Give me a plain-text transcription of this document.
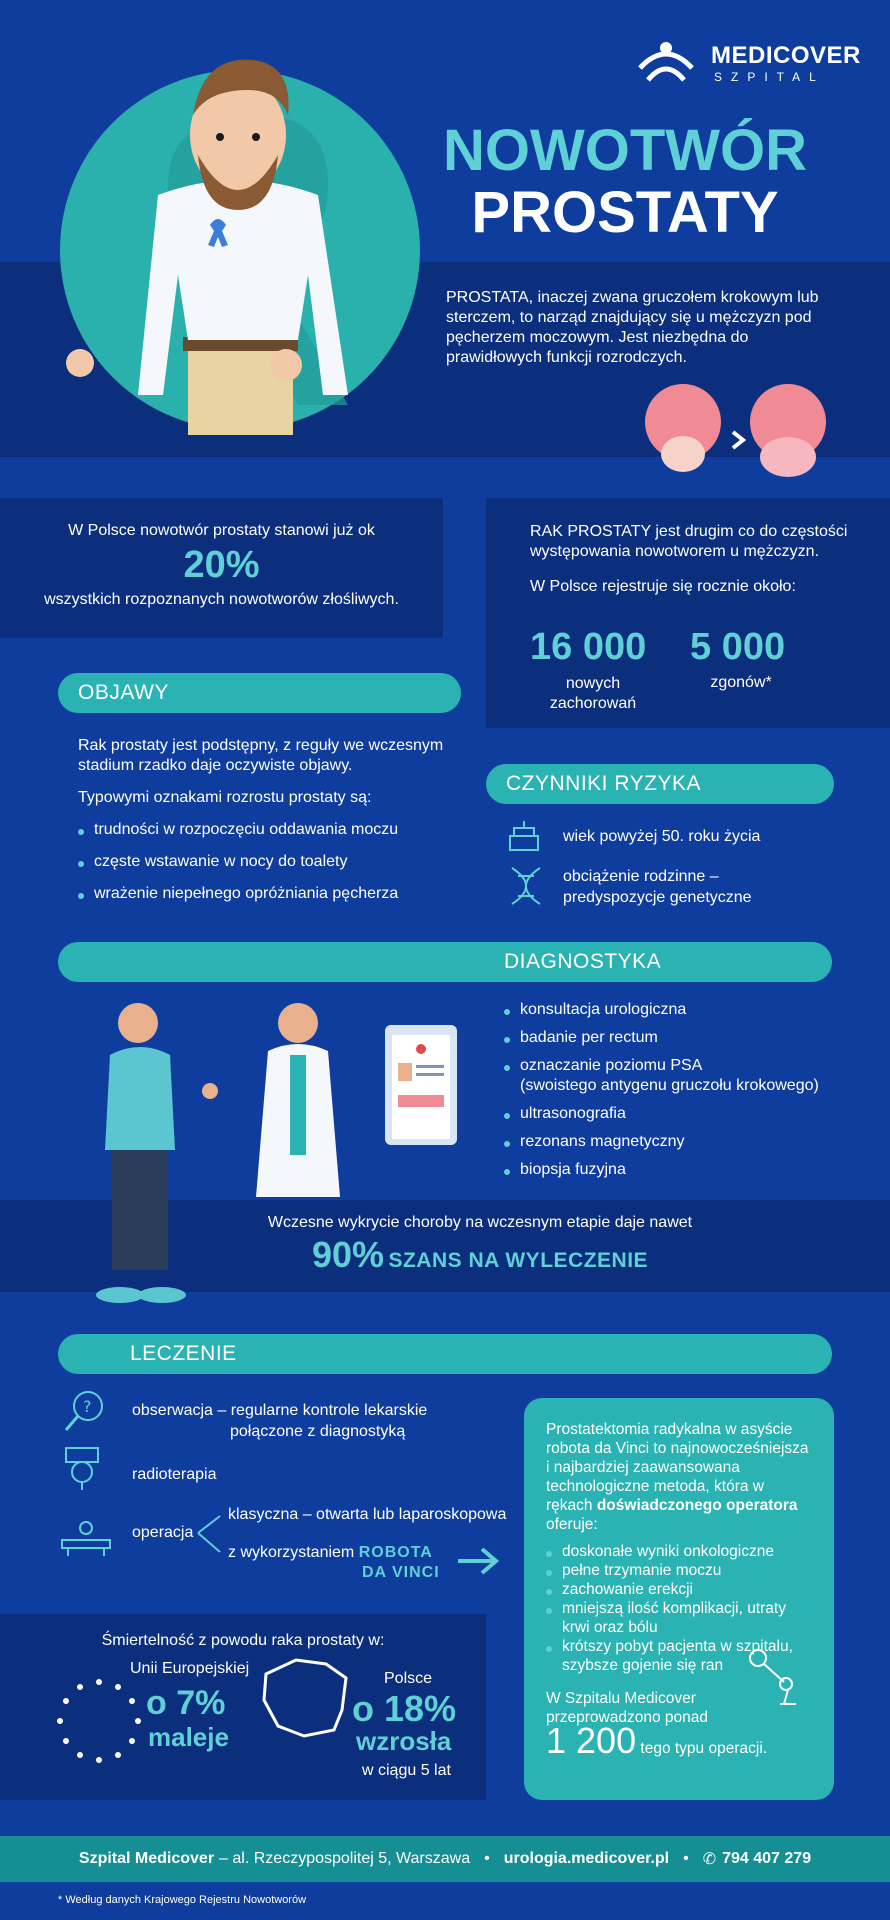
MEDICOVER
SZPITAL
NOWOTWÓR
PROSTATY
PROSTATA, inaczej zwana gruczołem krokowym lub sterczem, to narząd znajdujący się u mężczyzn pod pęcherzem moczowym. Jest niezbędna do prawidłowych funkcji rozrodczych.
W Polsce nowotwór prostaty stanowi już ok
20%
wszystkich rozpoznanych nowotworów złośliwych.
RAK PROSTATY jest drugim co do częstości występowania nowotworem u mężczyzn.
W Polsce rejestruje się rocznie około:
16 000
nowych zachorowań
5 000
zgonów*
OBJAWY
Rak prostaty jest podstępny, z reguły we wczesnym stadium rzadko daje oczywiste objawy.
Typowymi oznakami rozrostu prostaty są:
trudności w rozpoczęciu oddawania moczu
częste wstawanie w nocy do toalety
wrażenie niepełnego opróżniania pęcherza
CZYNNIKI RYZYKA
wiek powyżej 50. roku życia
obciążenie rodzinne – predyspozycje genetyczne
DIAGNOSTYKA
konsultacja urologiczna
badanie per rectum
oznaczanie poziomu PSA
(swoistego antygenu gruczołu krokowego)
ultrasonografia
rezonans magnetyczny
biopsja fuzyjna
Wczesne wykrycie choroby na wczesnym etapie daje nawet
90% SZANS NA WYLECZENIE
LECZENIE
?	obserwacja – regularne kontrole lekarskie
połączone z diagnostyką
radioterapia
operacja
klasyczna – otwarta lub laparoskopowa
z wykorzystaniem ROBOTA
DA VINCI
Śmiertelność z powodu raka prostaty w:
Unii Europejskiej
o 7%
maleje
Polsce
o 18%
wzrosła
w ciągu 5 lat
Prostatektomia radykalna w asyście robota da Vinci to najnowocześniejsza i najbardziej zaawansowana technologiczne metoda, która w rękach doświadczonego operatora oferuje:
doskonałe wyniki onkologiczne
pełne trzymanie moczu
zachowanie erekcji
mniejszą ilość komplikacji, utraty krwi oraz bólu
krótszy pobyt pacjenta w szpitalu, szybsze gojenie się ran
W Szpitalu Medicover przeprowadzono ponad
1 200 tego typu operacji.
Szpital Medicover – al. Rzeczypospolitej 5, Warszawa • urologia.medicover.pl • ✆ 794 407 279
* Według danych Krajowego Rejestru Nowotworów
